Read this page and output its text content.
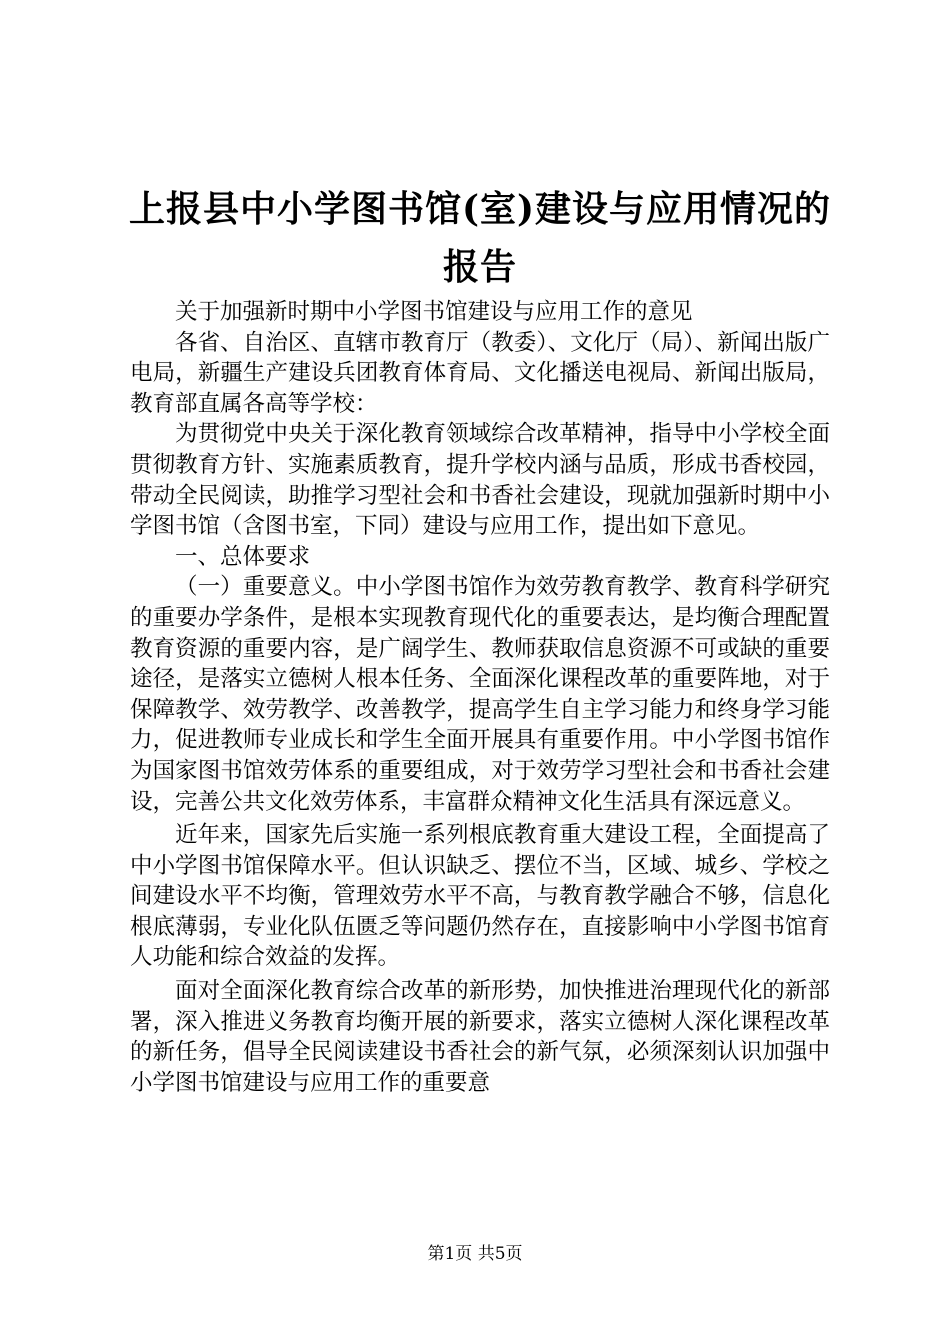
上报县中小学图书馆(室)建设与应用情况的报告

关于加强新时期中小学图书馆建设与应用工作的意见

各省、自治区、直辖市教育厅（教委）、文化厅（局）、新闻出版广电局，新疆生产建设兵团教育体育局、文化播送电视局、新闻出版局，教育部直属各高等学校：

为贯彻党中央关于深化教育领域综合改革精神，指导中小学校全面贯彻教育方针、实施素质教育，提升学校内涵与品质，形成书香校园，带动全民阅读，助推学习型社会和书香社会建设，现就加强新时期中小学图书馆（含图书室，下同）建设与应用工作，提出如下意见。

一、总体要求

（一）重要意义。中小学图书馆作为效劳教育教学、教育科学研究的重要办学条件，是根本实现教育现代化的重要表达，是均衡合理配置教育资源的重要内容，是广阔学生、教师获取信息资源不可或缺的重要途径，是落实立德树人根本任务、全面深化课程改革的重要阵地，对于保障教学、效劳教学、改善教学，提高学生自主学习能力和终身学习能力，促进教师专业成长和学生全面开展具有重要作用。中小学图书馆作为国家图书馆效劳体系的重要组成，对于效劳学习型社会和书香社会建设，完善公共文化效劳体系，丰富群众精神文化生活具有深远意义。

近年来，国家先后实施一系列根底教育重大建设工程，全面提高了中小学图书馆保障水平。但认识缺乏、摆位不当，区域、城乡、学校之间建设水平不均衡，管理效劳水平不高，与教育教学融合不够，信息化根底薄弱，专业化队伍匮乏等问题仍然存在，直接影响中小学图书馆育人功能和综合效益的发挥。

面对全面深化教育综合改革的新形势，加快推进治理现代化的新部署，深入推进义务教育均衡开展的新要求，落实立德树人深化课程改革的新任务，倡导全民阅读建设书香社会的新气氛，必须深刻认识加强中小学图书馆建设与应用工作的重要意

第1页 共5页
